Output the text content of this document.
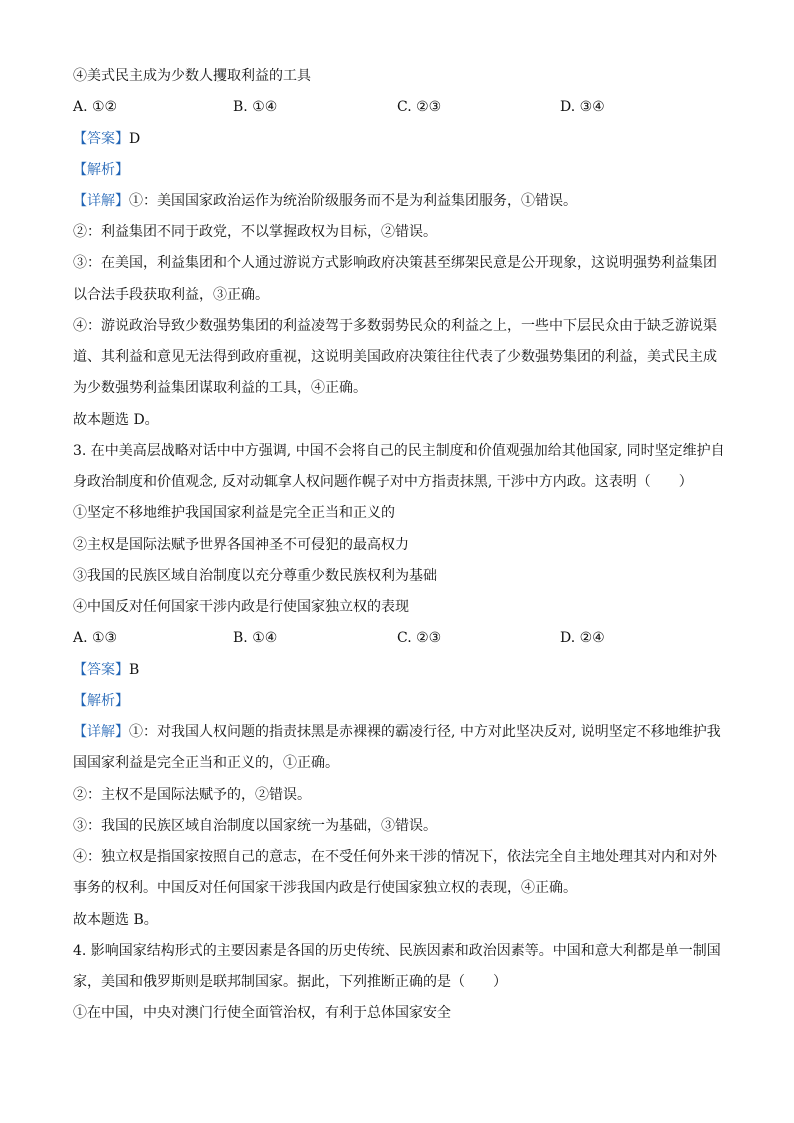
④美式民主成为少数人攫取利益的工具
A. ①②	B. ①④	C. ②③	D. ③④
【答案】D
【解析】
【详解】①：美国国家政治运作为统治阶级服务而不是为利益集团服务，①错误。
②：利益集团不同于政党，不以掌握政权为目标，②错误。
③：在美国，利益集团和个人通过游说方式影响政府决策甚至绑架民意是公开现象，这说明强势利益集团
以合法手段获取利益，③正确。
④：游说政治导致少数强势集团的利益凌驾于多数弱势民众的利益之上，一些中下层民众由于缺乏游说渠
道、其利益和意见无法得到政府重视，这说明美国政府决策往往代表了少数强势集团的利益，美式民主成
为少数强势利益集团谋取利益的工具，④正确。
故本题选 D。
3. 在中美高层战略对话中中方强调, 中国不会将自己的民主制度和价值观强加给其他国家, 同时坚定维护自
身政治制度和价值观念, 反对动辄拿人权问题作幌子对中方指责抹黑, 干涉中方内政。这表明（　　）
①坚定不移地维护我国国家利益是完全正当和正义的
②主权是国际法赋予世界各国神圣不可侵犯的最高权力
③我国的民族区域自治制度以充分尊重少数民族权利为基础
④中国反对任何国家干涉内政是行使国家独立权的表现
A. ①③	B. ①④	C. ②③	D. ②④
【答案】B
【解析】
【详解】①：对我国人权问题的指责抹黑是赤裸裸的霸凌行径, 中方对此坚决反对, 说明坚定不移地维护我
国国家利益是完全正当和正义的，①正确。
②：主权不是国际法赋予的，②错误。
③：我国的民族区域自治制度以国家统一为基础，③错误。
④：独立权是指国家按照自己的意志，在不受任何外来干涉的情况下，依法完全自主地处理其对内和对外
事务的权利。中国反对任何国家干涉我国内政是行使国家独立权的表现，④正确。
故本题选 B。
4. 影响国家结构形式的主要因素是各国的历史传统、民族因素和政治因素等。中国和意大利都是单一制国
家，美国和俄罗斯则是联邦制国家。据此，下列推断正确的是（　　）
①在中国，中央对澳门行使全面管治权，有利于总体国家安全
